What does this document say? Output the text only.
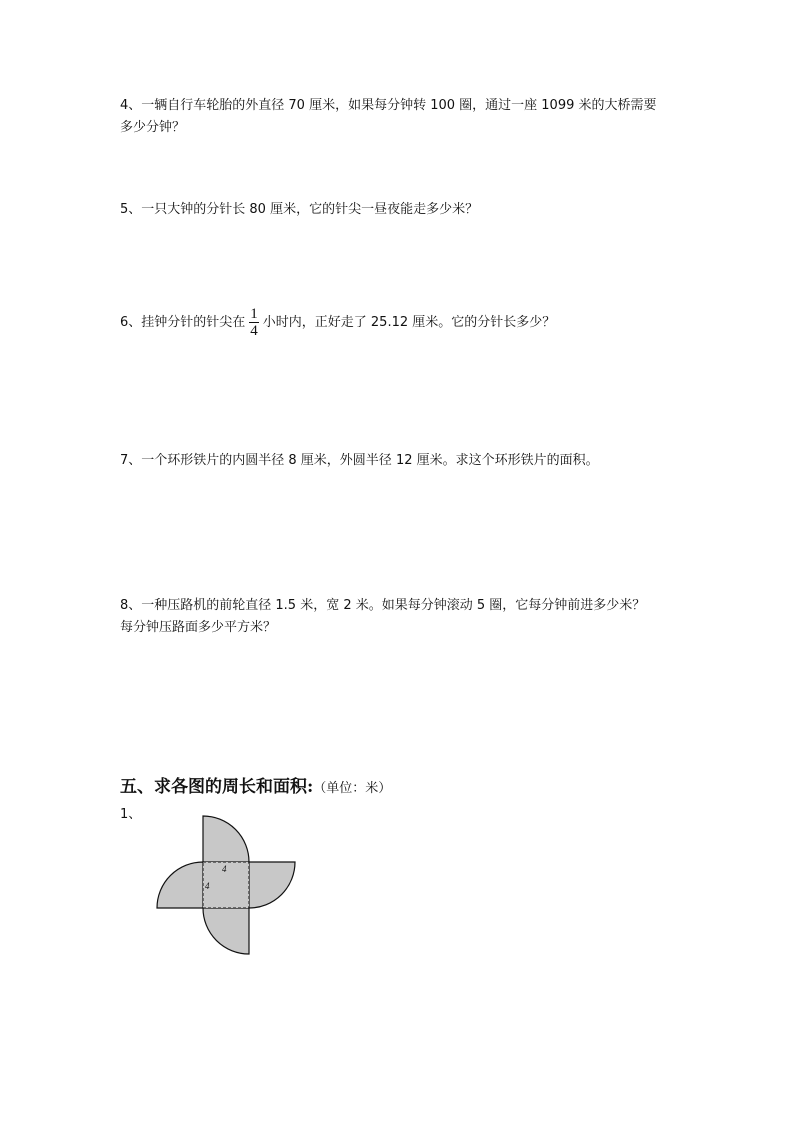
4、一辆自行车轮胎的外直径 70 厘米，如果每分钟转 100 圈，通过一座 1099 米的大桥需要
多少分钟？
5、一只大钟的分针长 80 厘米，它的针尖一昼夜能走多少米？
6、挂钟分针的针尖在 $\frac{1}{4}$ 小时内，正好走了 25.12 厘米。它的分针长多少？
7、一个环形铁片的内圆半径 8 厘米，外圆半径 12 厘米。求这个环形铁片的面积。
8、一种压路机的前轮直径 1.5 米，宽 2 米。如果每分钟滚动 5 圈，它每分钟前进多少米？
每分钟压路面多少平方米？
五、求各图的周长和面积:（单位：米）
1、
4
4
